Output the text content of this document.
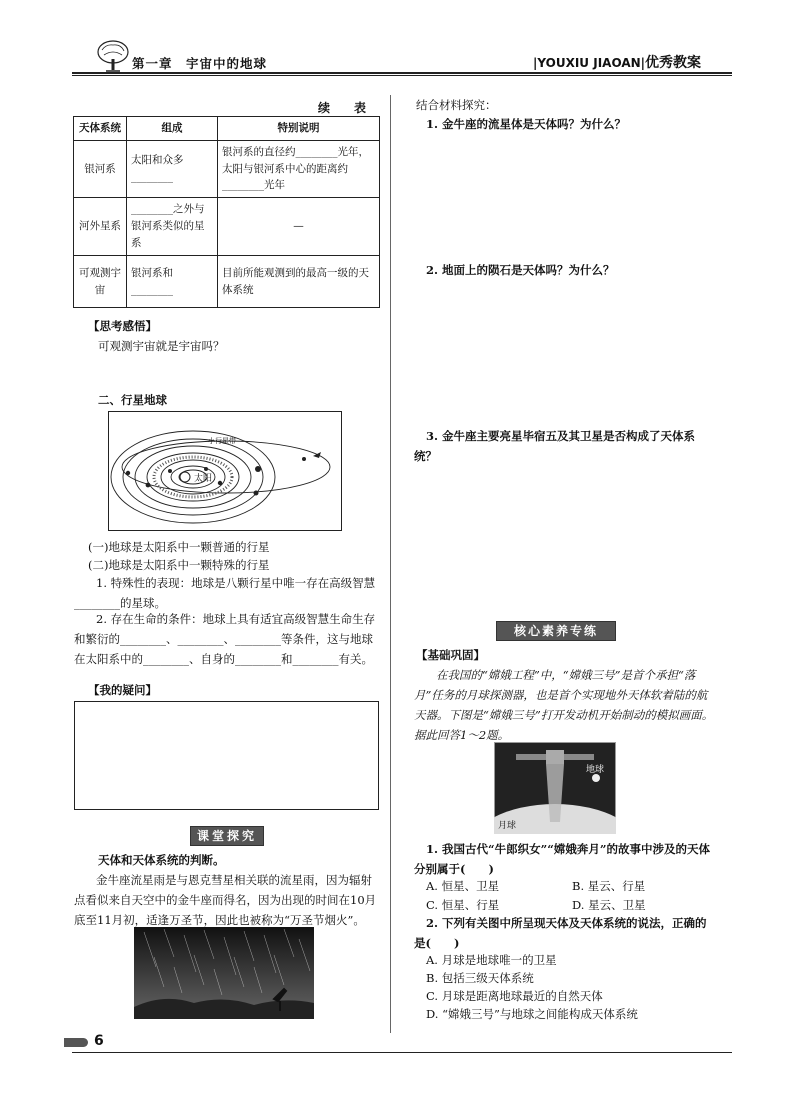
第一章　宇宙中的地球	|YOUXIU JIAOAN|优秀教案
续　表
天体系统	组成	特别说明
银河系	太阳和众多________	银河系的直径约________光年，太阳与银河系中心的距离约________光年
河外星系	________之外与银河系类似的星系	—
可观测宇宙	银河系和________	目前所能观测到的最高一级的天体系统
【思考感悟】
可观测宇宙就是宇宙吗？
二、行星地球
太阳
小行星带
(一)地球是太阳系中一颗普通的行星
(二)地球是太阳系中一颗特殊的行星
1. 特殊性的表现：地球是八颗行星中唯一存在高级智慧________的星球。
2. 存在生命的条件：地球上具有适宜高级智慧生命生存和繁衍的________、________、________等条件，这与地球在太阳系中的________、自身的________和________有关。
【我的疑问】
课堂探究
天体和天体系统的判断。
金牛座流星雨是与恩克彗星相关联的流星雨，因为辐射点看似来自天空中的金牛座而得名，因为出现的时间在10月底至11月初，适逢万圣节，因此也被称为“万圣节烟火”。
结合材料探究：
1. 金牛座的流星体是天体吗？为什么？
2. 地面上的陨石是天体吗？为什么？
3. 金牛座主要亮星毕宿五及其卫星是否构成了天体系统？
核心素养专练
【基础巩固】
在我国的“嫦娥工程”中，“嫦娥三号”是首个承担“落月”任务的月球探测器，也是首个实现地外天体软着陆的航天器。下图是“嫦娥三号”打开发动机开始制动的模拟画面。据此回答1～2题。
地球
月球
1. 我国古代“牛郎织女”“嫦娥奔月”的故事中涉及的天体分别属于(　　)
A. 恒星、卫星	B. 星云、行星
C. 恒星、行星	D. 星云、卫星
2. 下列有关图中所呈现天体及天体系统的说法，正确的是(　　)
A. 月球是地球唯一的卫星
B. 包括三级天体系统
C. 月球是距离地球最近的自然天体
D. “嫦娥三号”与地球之间能构成天体系统
6
